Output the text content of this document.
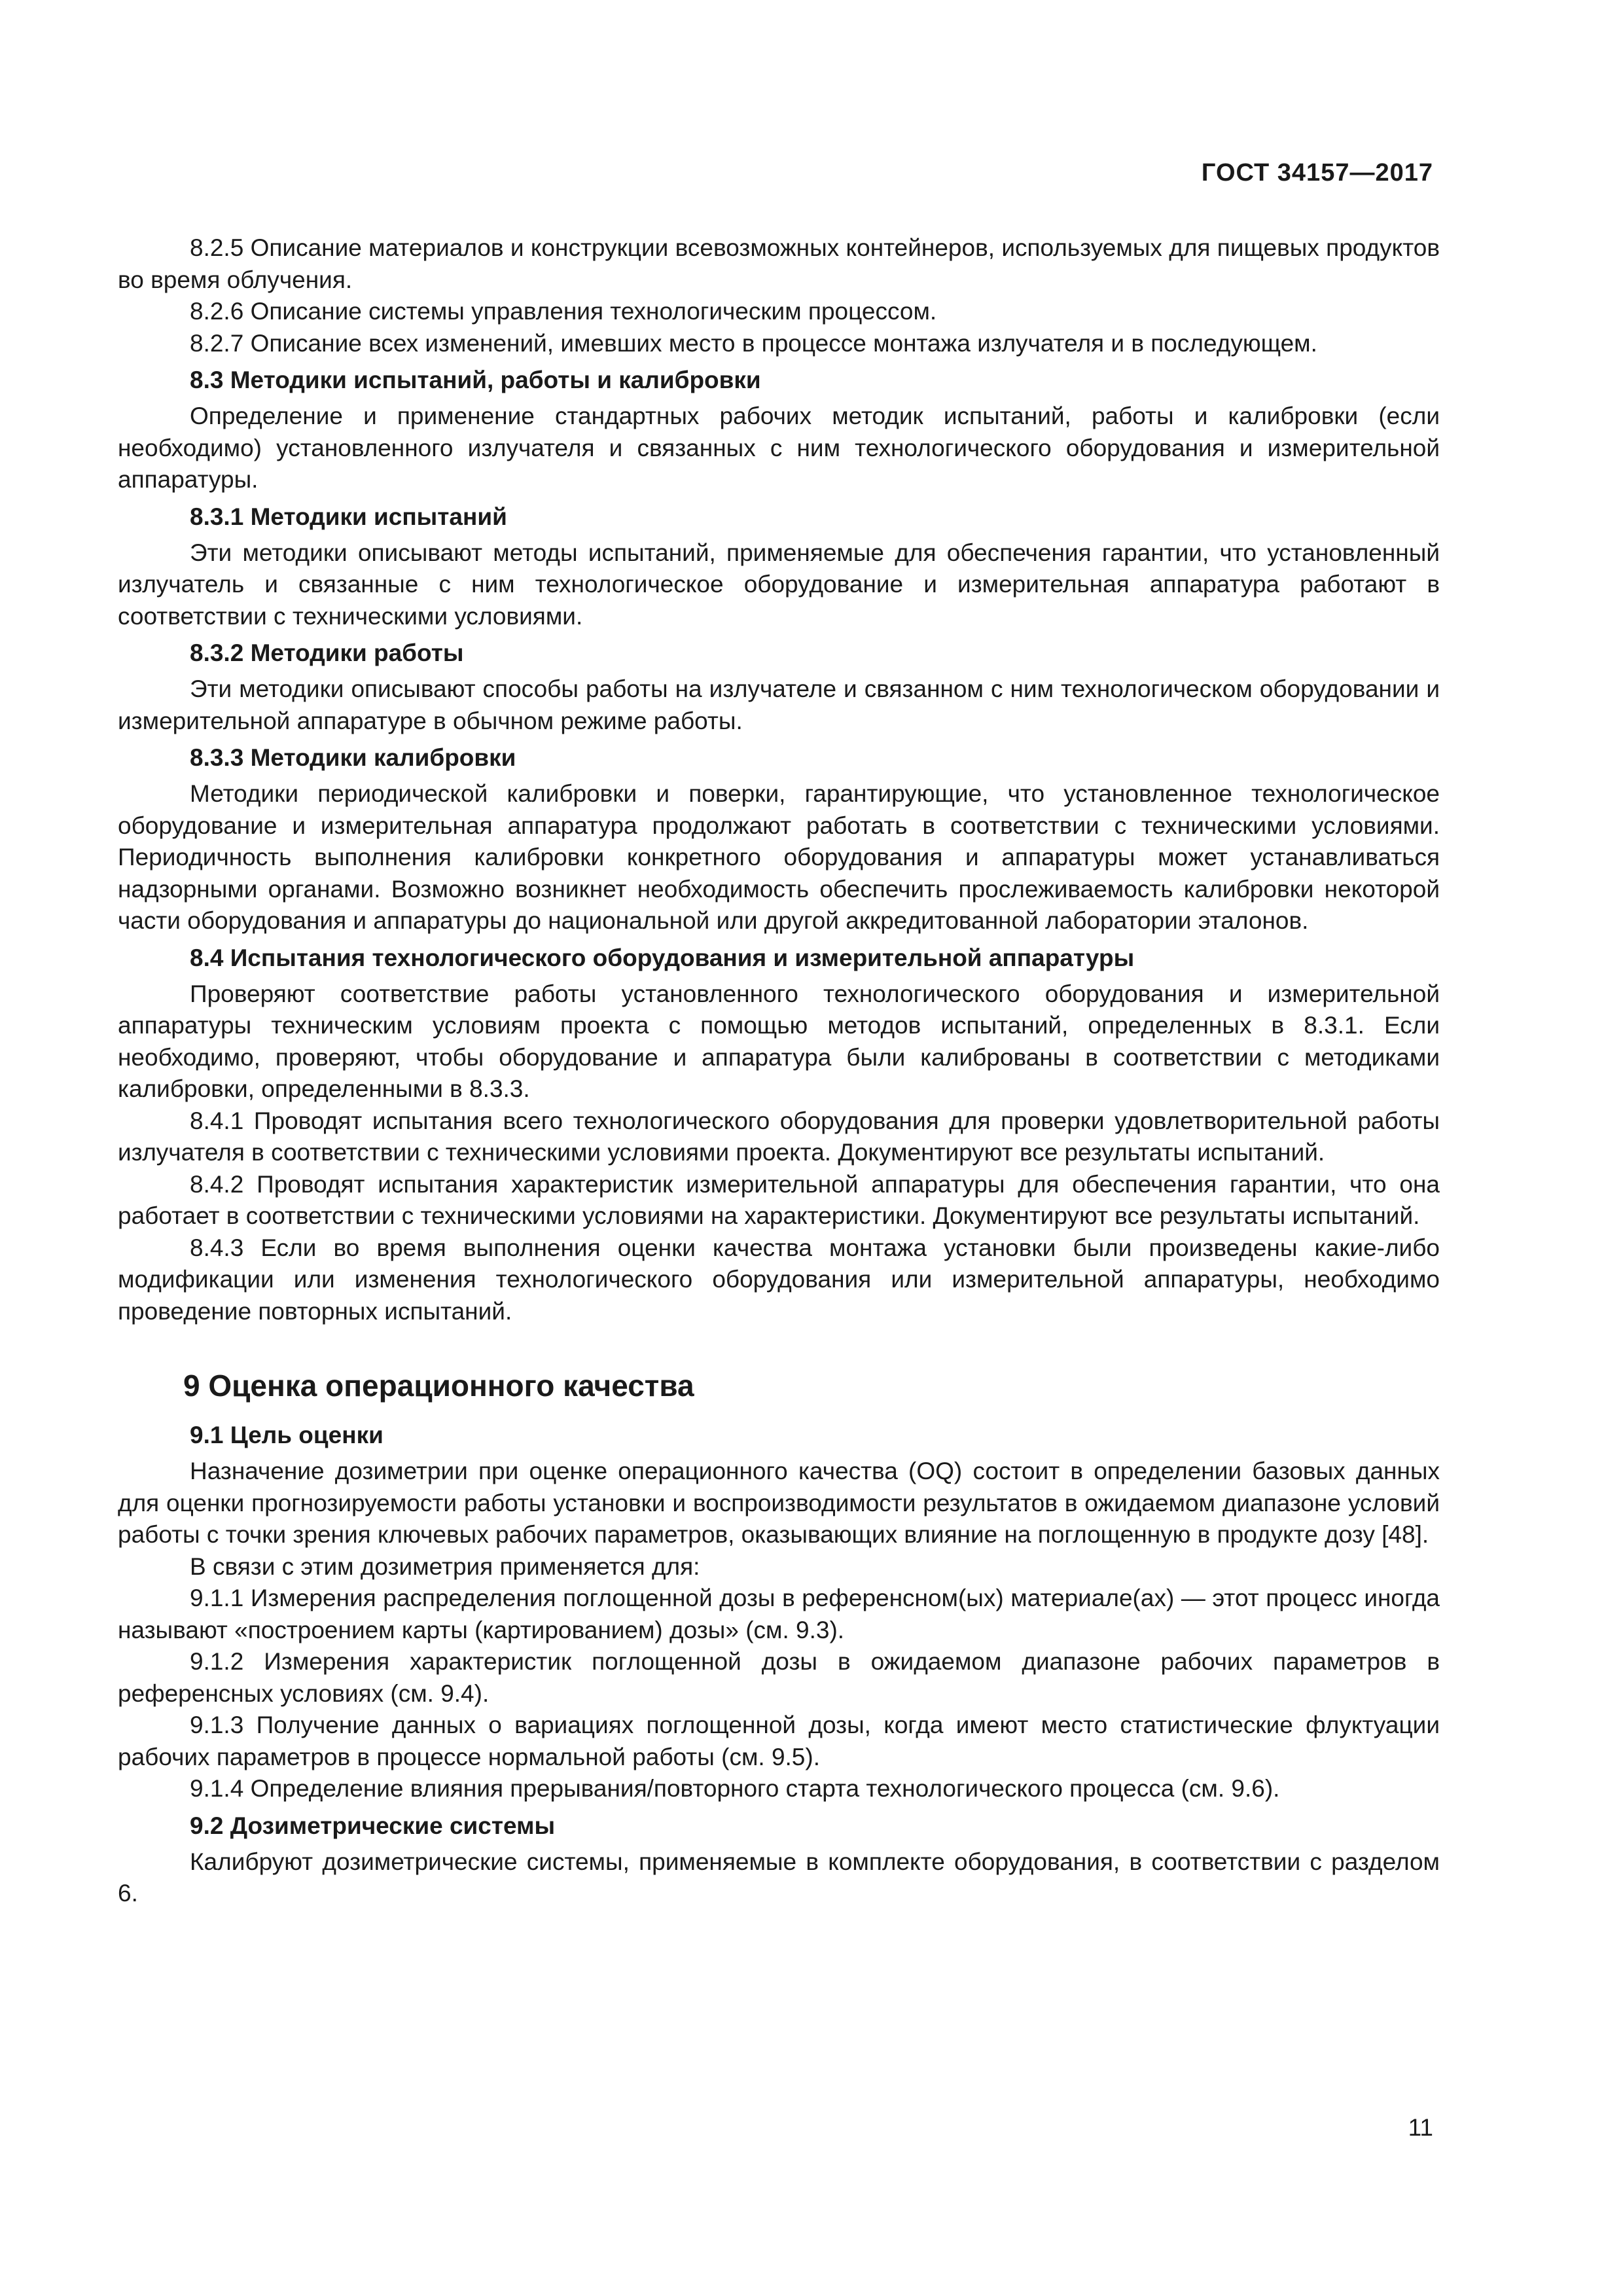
ГОСТ 34157—2017

8.2.5 Описание материалов и конструкции всевозможных контейнеров, используемых для пищевых продуктов во время облучения.

8.2.6 Описание системы управления технологическим процессом.

8.2.7 Описание всех изменений, имевших место в процессе монтажа излучателя и в последующем.

8.3 Методики испытаний, работы и калибровки

Определение и применение стандартных рабочих методик испытаний, работы и калибровки (если необходимо) установленного излучателя и связанных с ним технологического оборудования и измерительной аппаратуры.

8.3.1 Методики испытаний

Эти методики описывают методы испытаний, применяемые для обеспечения гарантии, что установленный излучатель и связанные с ним технологическое оборудование и измерительная аппаратура работают в соответствии с техническими условиями.

8.3.2 Методики работы

Эти методики описывают способы работы на излучателе и связанном с ним технологическом оборудовании и измерительной аппаратуре в обычном режиме работы.

8.3.3 Методики калибровки

Методики периодической калибровки и поверки, гарантирующие, что установленное технологическое оборудование и измерительная аппаратура продолжают работать в соответствии с техническими условиями. Периодичность выполнения калибровки конкретного оборудования и аппаратуры может устанавливаться надзорными органами. Возможно возникнет необходимость обеспечить прослеживаемость калибровки некоторой части оборудования и аппаратуры до национальной или другой аккредитованной лаборатории эталонов.

8.4 Испытания технологического оборудования и измерительной аппаратуры

Проверяют соответствие работы установленного технологического оборудования и измерительной аппаратуры техническим условиям проекта с помощью методов испытаний, определенных в 8.3.1. Если необходимо, проверяют, чтобы оборудование и аппаратура были калиброваны в соответствии с методиками калибровки, определенными в 8.3.3.

8.4.1 Проводят испытания всего технологического оборудования для проверки удовлетворительной работы излучателя в соответствии с техническими условиями проекта. Документируют все результаты испытаний.

8.4.2 Проводят испытания характеристик измерительной аппаратуры для обеспечения гарантии, что она работает в соответствии с техническими условиями на характеристики. Документируют все результаты испытаний.

8.4.3 Если во время выполнения оценки качества монтажа установки были произведены какие-либо модификации или изменения технологического оборудования или измерительной аппаратуры, необходимо проведение повторных испытаний.

9 Оценка операционного качества
9.1 Цель оценки

Назначение дозиметрии при оценке операционного качества (OQ) состоит в определении базовых данных для оценки прогнозируемости работы установки и воспроизводимости результатов в ожидаемом диапазоне условий работы с точки зрения ключевых рабочих параметров, оказывающих влияние на поглощенную в продукте дозу [48].

В связи с этим дозиметрия применяется для:

9.1.1 Измерения распределения поглощенной дозы в референсном(ых) материале(ах) — этот процесс иногда называют «построением карты (картированием) дозы» (см. 9.3).

9.1.2 Измерения характеристик поглощенной дозы в ожидаемом диапазоне рабочих параметров в референсных условиях (см. 9.4).

9.1.3 Получение данных о вариациях поглощенной дозы, когда имеют место статистические флуктуации рабочих параметров в процессе нормальной работы (см. 9.5).

9.1.4 Определение влияния прерывания/повторного старта технологического процесса (см. 9.6).

9.2 Дозиметрические системы

Калибруют дозиметрические системы, применяемые в комплекте оборудования, в соответствии с разделом 6.

11
